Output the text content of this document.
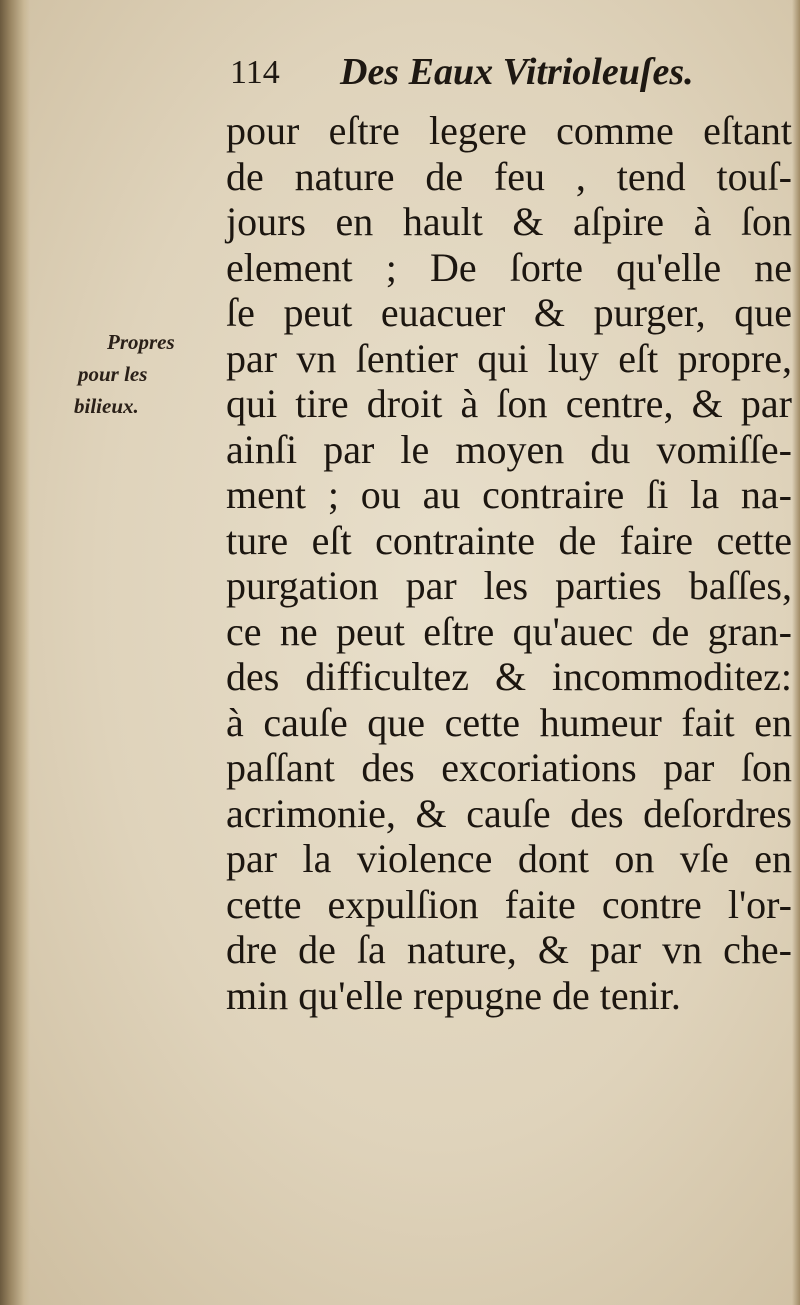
114 Des Eaux Vitrioleuſes.
Propres
pour les
bilieux.
pour eſtre legere comme eſtant
de nature de feu , tend touſ-
jours en hault & aſpire à ſon
element ; De ſorte qu'elle ne
ſe peut euacuer & purger, que
par vn ſentier qui luy eſt propre,
qui tire droit à ſon centre, & par
ainſi par le moyen du vomiſſe-
ment ; ou au contraire ſi la na-
ture eſt contrainte de faire cette
purgation par les parties baſſes,
ce ne peut eſtre qu'auec de gran-
des difficultez & incommoditez:
à cauſe que cette humeur fait en
paſſant des excoriations par ſon
acrimonie, & cauſe des deſordres
par la violence dont on vſe en
cette expulſion faite contre l'or-
dre de ſa nature, & par vn che-
min qu'elle repugne de tenir.
